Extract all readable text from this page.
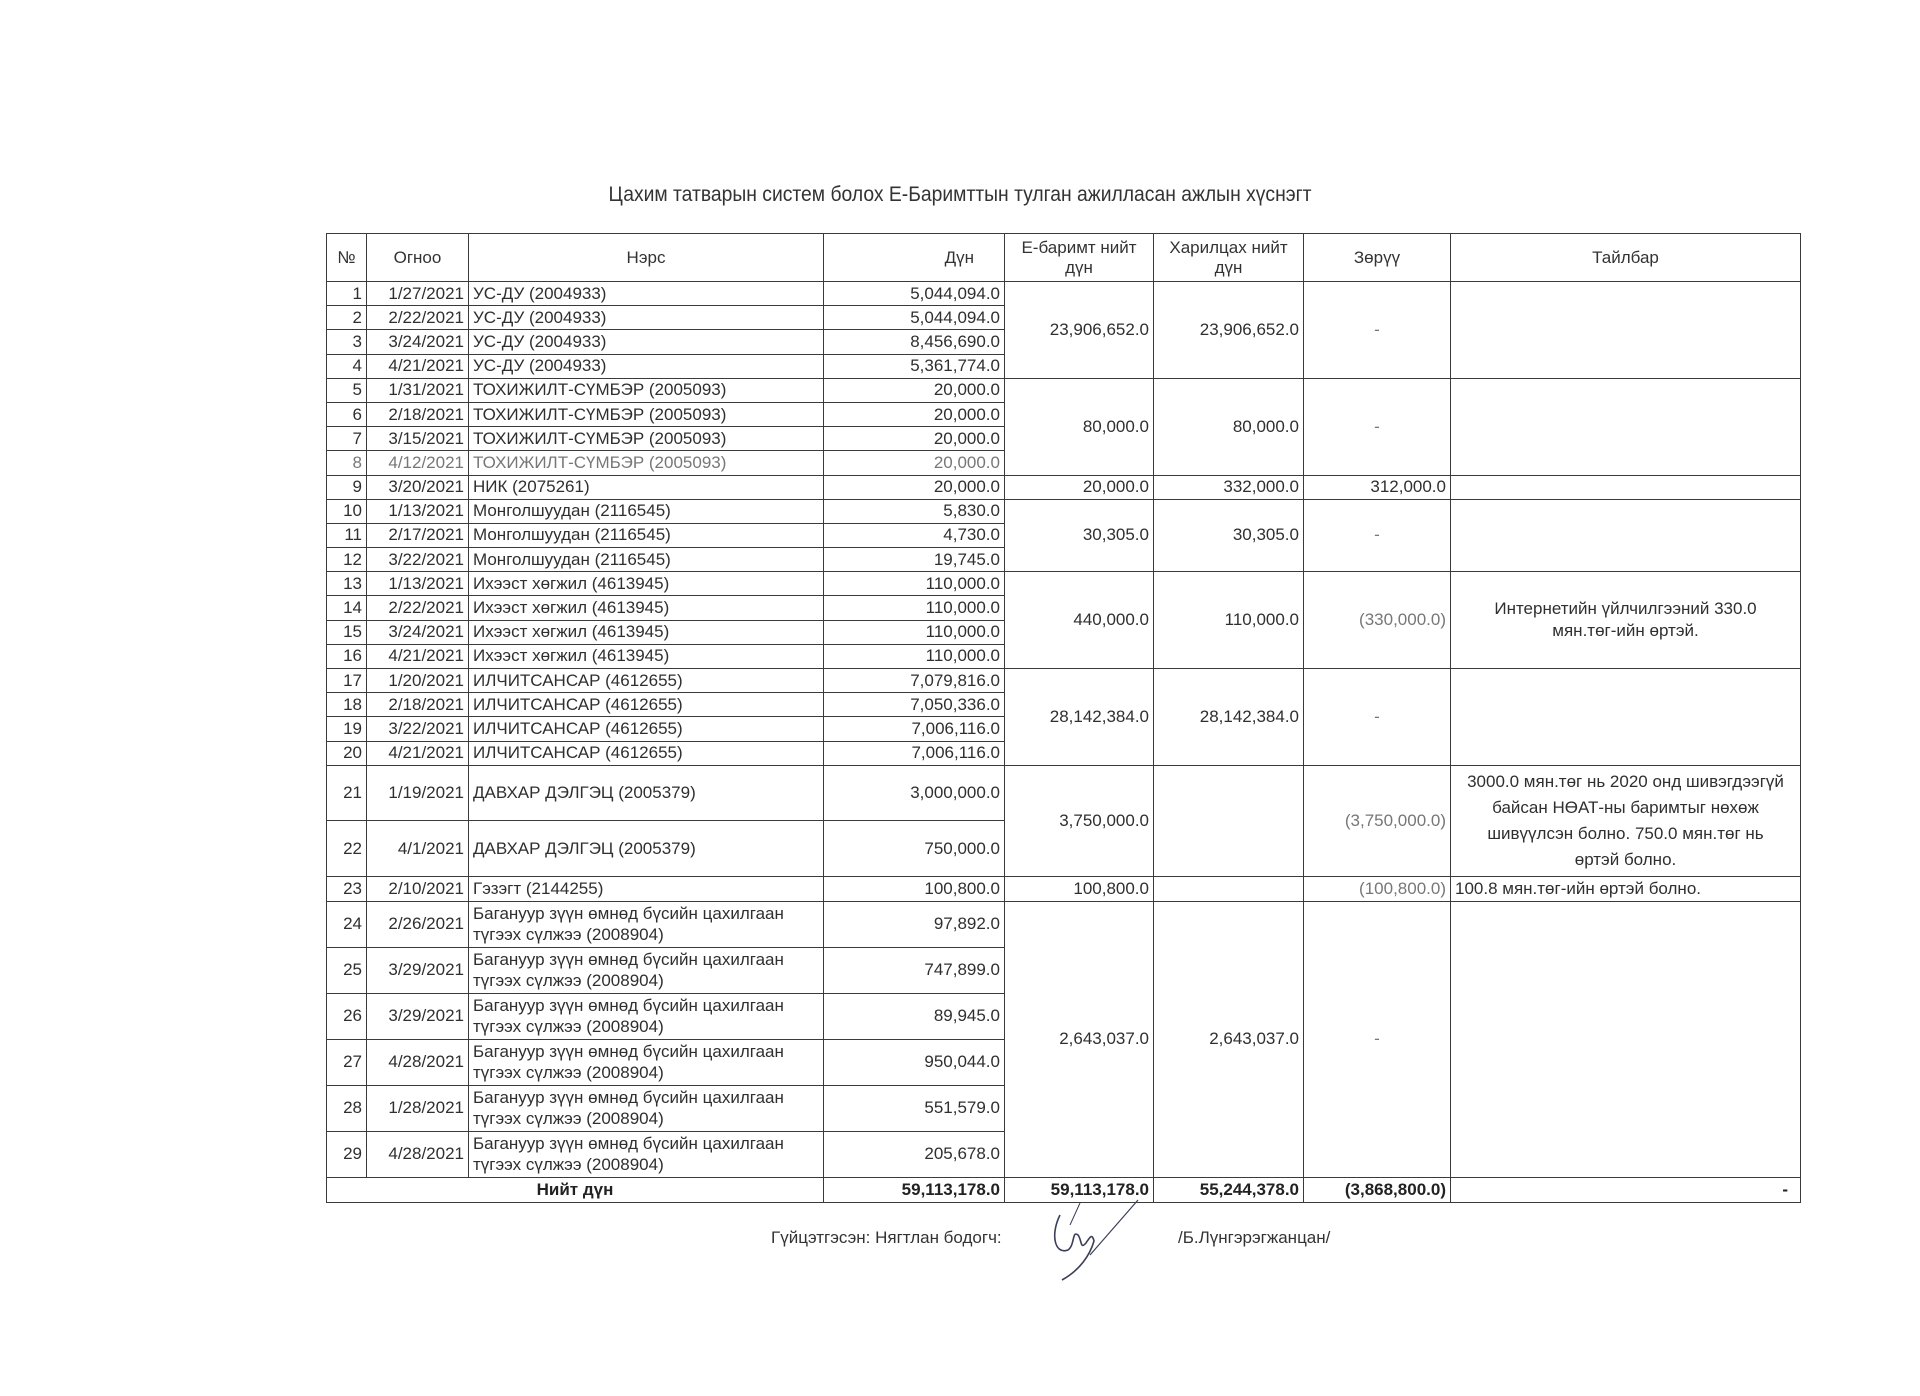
Цахим татварын систем болох Е-Баримттын тулган ажилласан ажлын хүснэгт
№	Огноо	Нэрс	Дүн	Е-баримт нийт дүн	Харилцах нийт дүн	Зөрүү	Тайлбар
1	1/27/2021	УС-ДУ (2004933)	5,044,094.0	23,906,652.0	23,906,652.0	-	
2	2/22/2021	УС-ДУ (2004933)	5,044,094.0				
3	3/24/2021	УС-ДУ (2004933)	8,456,690.0				
4	4/21/2021	УС-ДУ (2004933)	5,361,774.0				
5	1/31/2021	ТОХИЖИЛТ-СҮМБЭР (2005093)	20,000.0	80,000.0	80,000.0	-	
6	2/18/2021	ТОХИЖИЛТ-СҮМБЭР (2005093)	20,000.0				
7	3/15/2021	ТОХИЖИЛТ-СҮМБЭР (2005093)	20,000.0				
8	4/12/2021	ТОХИЖИЛТ-СҮМБЭР (2005093)	20,000.0				
9	3/20/2021	НИК (2075261)	20,000.0	20,000.0	332,000.0	312,000.0	
10	1/13/2021	Монголшуудан (2116545)	5,830.0	30,305.0	30,305.0	-	
11	2/17/2021	Монголшуудан (2116545)	4,730.0				
12	3/22/2021	Монголшуудан (2116545)	19,745.0				
13	1/13/2021	Ихээст хөгжил (4613945)	110,000.0	440,000.0	110,000.0	(330,000.0)	Интернетийн үйлчилгээний 330.0 мян.төг-ийн өртэй.
14	2/22/2021	Ихээст хөгжил (4613945)	110,000.0				
15	3/24/2021	Ихээст хөгжил (4613945)	110,000.0				
16	4/21/2021	Ихээст хөгжил (4613945)	110,000.0				
17	1/20/2021	ИЛЧИТСАНСАР (4612655)	7,079,816.0	28,142,384.0	28,142,384.0	-	
18	2/18/2021	ИЛЧИТСАНСАР (4612655)	7,050,336.0				
19	3/22/2021	ИЛЧИТСАНСАР (4612655)	7,006,116.0				
20	4/21/2021	ИЛЧИТСАНСАР (4612655)	7,006,116.0				
21	1/19/2021	ДАВХАР ДЭЛГЭЦ (2005379)	3,000,000.0	3,750,000.0		(3,750,000.0)	3000.0 мян.төг нь 2020 онд шивэгдээгүй байсан НӨАТ-ны баримтыг нөхөж шивүүлсэн болно. 750.0 мян.төг нь өртэй болно.
22	4/1/2021	ДАВХАР ДЭЛГЭЦ (2005379)	750,000.0				
23	2/10/2021	Гэзэгт (2144255)	100,800.0	100,800.0		(100,800.0)	100.8 мян.төг-ийн өртэй болно.
24	2/26/2021	Багануур зүүн өмнөд бүсийн цахилгаан түгээх сүлжээ (2008904)	97,892.0	2,643,037.0	2,643,037.0	-	
25	3/29/2021	Багануур зүүн өмнөд бүсийн цахилгаан түгээх сүлжээ (2008904)	747,899.0				
26	3/29/2021	Багануур зүүн өмнөд бүсийн цахилгаан түгээх сүлжээ (2008904)	89,945.0				
27	4/28/2021	Багануур зүүн өмнөд бүсийн цахилгаан түгээх сүлжээ (2008904)	950,044.0				
28	1/28/2021	Багануур зүүн өмнөд бүсийн цахилгаан түгээх сүлжээ (2008904)	551,579.0				
29	4/28/2021	Багануур зүүн өмнөд бүсийн цахилгаан түгээх сүлжээ (2008904)	205,678.0				
Нийт дүн			59,113,178.0	59,113,178.0	55,244,378.0	(3,868,800.0)	-
Гүйцэтгэсэн: Нягтлан бодогч:	/Б.Лүнгэрэгжанцан/
